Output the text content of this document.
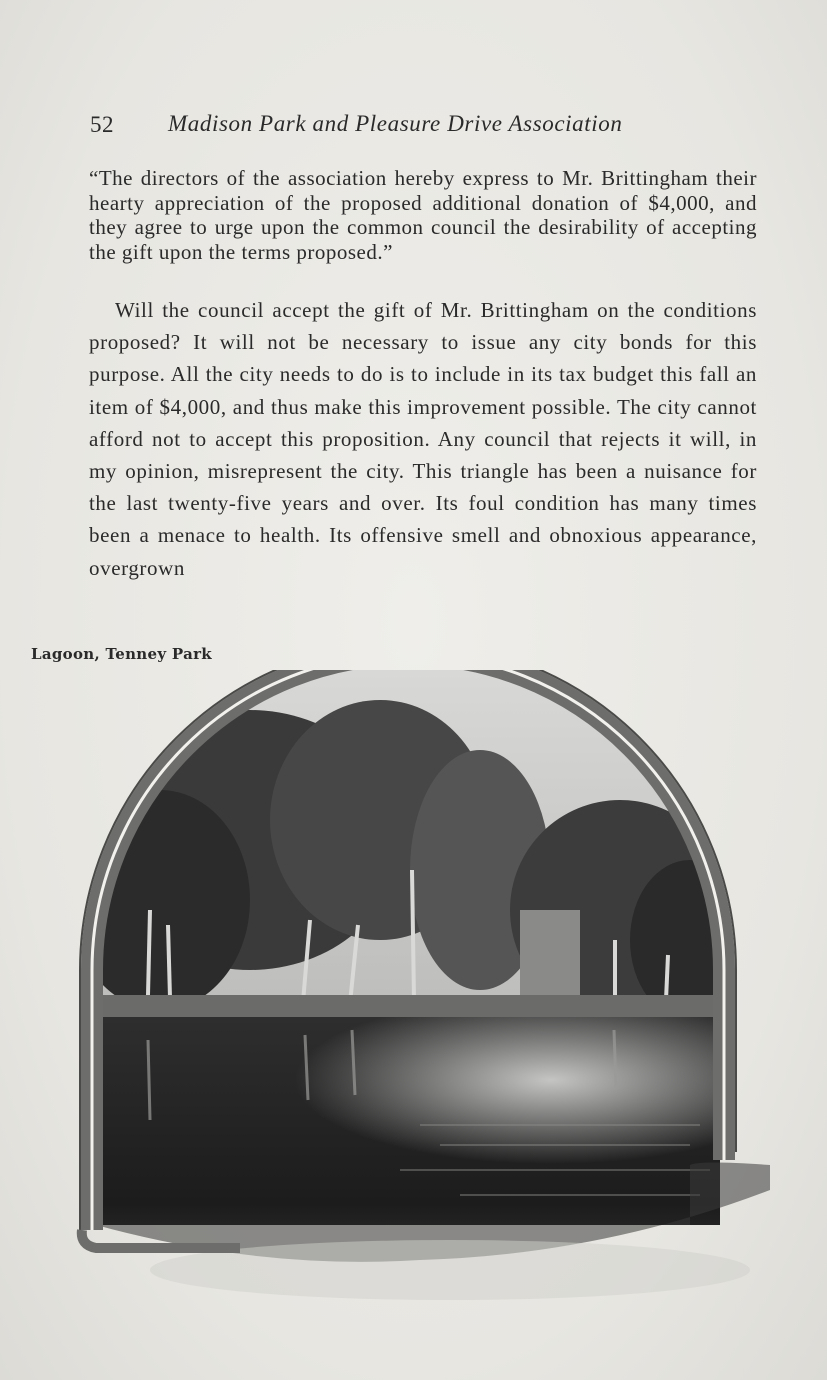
52 Madison Park and Pleasure Drive Association

“The directors of the association hereby express to Mr. Brittingham their hearty appreciation of the proposed additional donation of $4,000, and they agree to urge upon the common council the desirability of accepting the gift upon the terms proposed.”

Will the council accept the gift of Mr. Brittingham on the conditions proposed? It will not be necessary to issue any city bonds for this purpose. All the city needs to do is to include in its tax budget this fall an item of $4,000, and thus make this improvement possible. The city cannot afford not to accept this proposition. Any council that rejects it will, in my opinion, misrepresent the city. This triangle has been a nuisance for the last twenty-five years and over. Its foul condition has many times been a menace to health. Its offensive smell and obnoxious appearance, overgrown

Lagoon, Tenney Park
